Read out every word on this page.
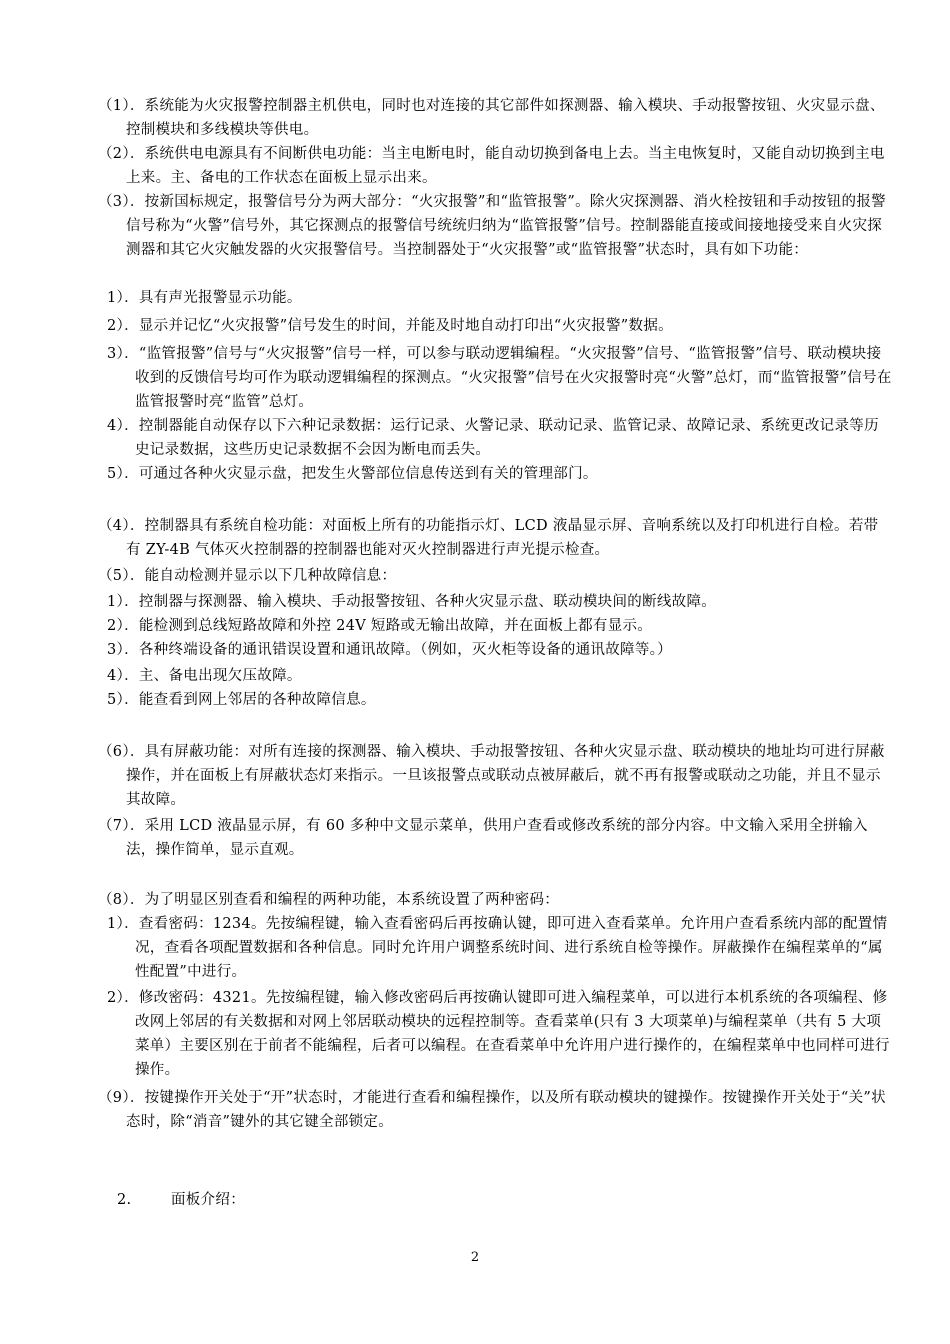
（1）．系统能为火灾报警控制器主机供电，同时也对连接的其它部件如探测器、输入模块、手动报警按钮、火灾显示盘、控制模块和多线模块等供电。

（2）．系统供电电源具有不间断供电功能：当主电断电时，能自动切换到备电上去。当主电恢复时，又能自动切换到主电上来。主、备电的工作状态在面板上显示出来。

（3）．按新国标规定，报警信号分为两大部分：“火灾报警”和“监管报警”。除火灾探测器、消火栓按钮和手动按钮的报警信号称为“火警”信号外，其它探测点的报警信号统统归纳为“监管报警”信号。控制器能直接或间接地接受来自火灾探测器和其它火灾触发器的火灾报警信号。当控制器处于“火灾报警”或“监管报警”状态时，具有如下功能：

1）．具有声光报警显示功能。

2）．显示并记忆“火灾报警”信号发生的时间，并能及时地自动打印出“火灾报警”数据。

3）．“监管报警”信号与“火灾报警”信号一样，可以参与联动逻辑编程。“火灾报警”信号、“监管报警”信号、联动模块接收到的反馈信号均可作为联动逻辑编程的探测点。“火灾报警”信号在火灾报警时亮“火警”总灯，而“监管报警”信号在监管报警时亮“监管”总灯。

4）．控制器能自动保存以下六种记录数据：运行记录、火警记录、联动记录、监管记录、故障记录、系统更改记录等历史记录数据，这些历史记录数据不会因为断电而丢失。

5）．可通过各种火灾显示盘，把发生火警部位信息传送到有关的管理部门。

（4）．控制器具有系统自检功能：对面板上所有的功能指示灯、LCD 液晶显示屏、音响系统以及打印机进行自检。若带有 ZY-4B 气体灭火控制器的控制器也能对灭火控制器进行声光提示检查。

（5）．能自动检测并显示以下几种故障信息：

1）．控制器与探测器、输入模块、手动报警按钮、各种火灾显示盘、联动模块间的断线故障。

2）．能检测到总线短路故障和外控 24V 短路或无输出故障，并在面板上都有显示。

3）．各种终端设备的通讯错误设置和通讯故障。（例如，灭火柜等设备的通讯故障等。）

4）．主、备电出现欠压故障。

5）．能查看到网上邻居的各种故障信息。

（6）．具有屏蔽功能：对所有连接的探测器、输入模块、手动报警按钮、各种火灾显示盘、联动模块的地址均可进行屏蔽操作，并在面板上有屏蔽状态灯来指示。一旦该报警点或联动点被屏蔽后，就不再有报警或联动之功能，并且不显示其故障。

（7）．采用 LCD 液晶显示屏，有 60 多种中文显示菜单，供用户查看或修改系统的部分内容。中文输入采用全拼输入法，操作简单，显示直观。

（8）．为了明显区别查看和编程的两种功能，本系统设置了两种密码：

1）．查看密码：1234。先按编程键，输入查看密码后再按确认键，即可进入查看菜单。允许用户查看系统内部的配置情况，查看各项配置数据和各种信息。同时允许用户调整系统时间、进行系统自检等操作。屏蔽操作在编程菜单的“属性配置”中进行。

2）．修改密码：4321。先按编程键，输入修改密码后再按确认键即可进入编程菜单，可以进行本机系统的各项编程、修改网上邻居的有关数据和对网上邻居联动模块的远程控制等。查看菜单(只有 3 大项菜单)与编程菜单（共有 5 大项菜单）主要区别在于前者不能编程，后者可以编程。在查看菜单中允许用户进行操作的，在编程菜单中也同样可进行操作。

（9）．按键操作开关处于“开”状态时，才能进行查看和编程操作，以及所有联动模块的键操作。按键操作开关处于“关”状态时，除“消音”键外的其它键全部锁定。

2.	面板介绍：

2
